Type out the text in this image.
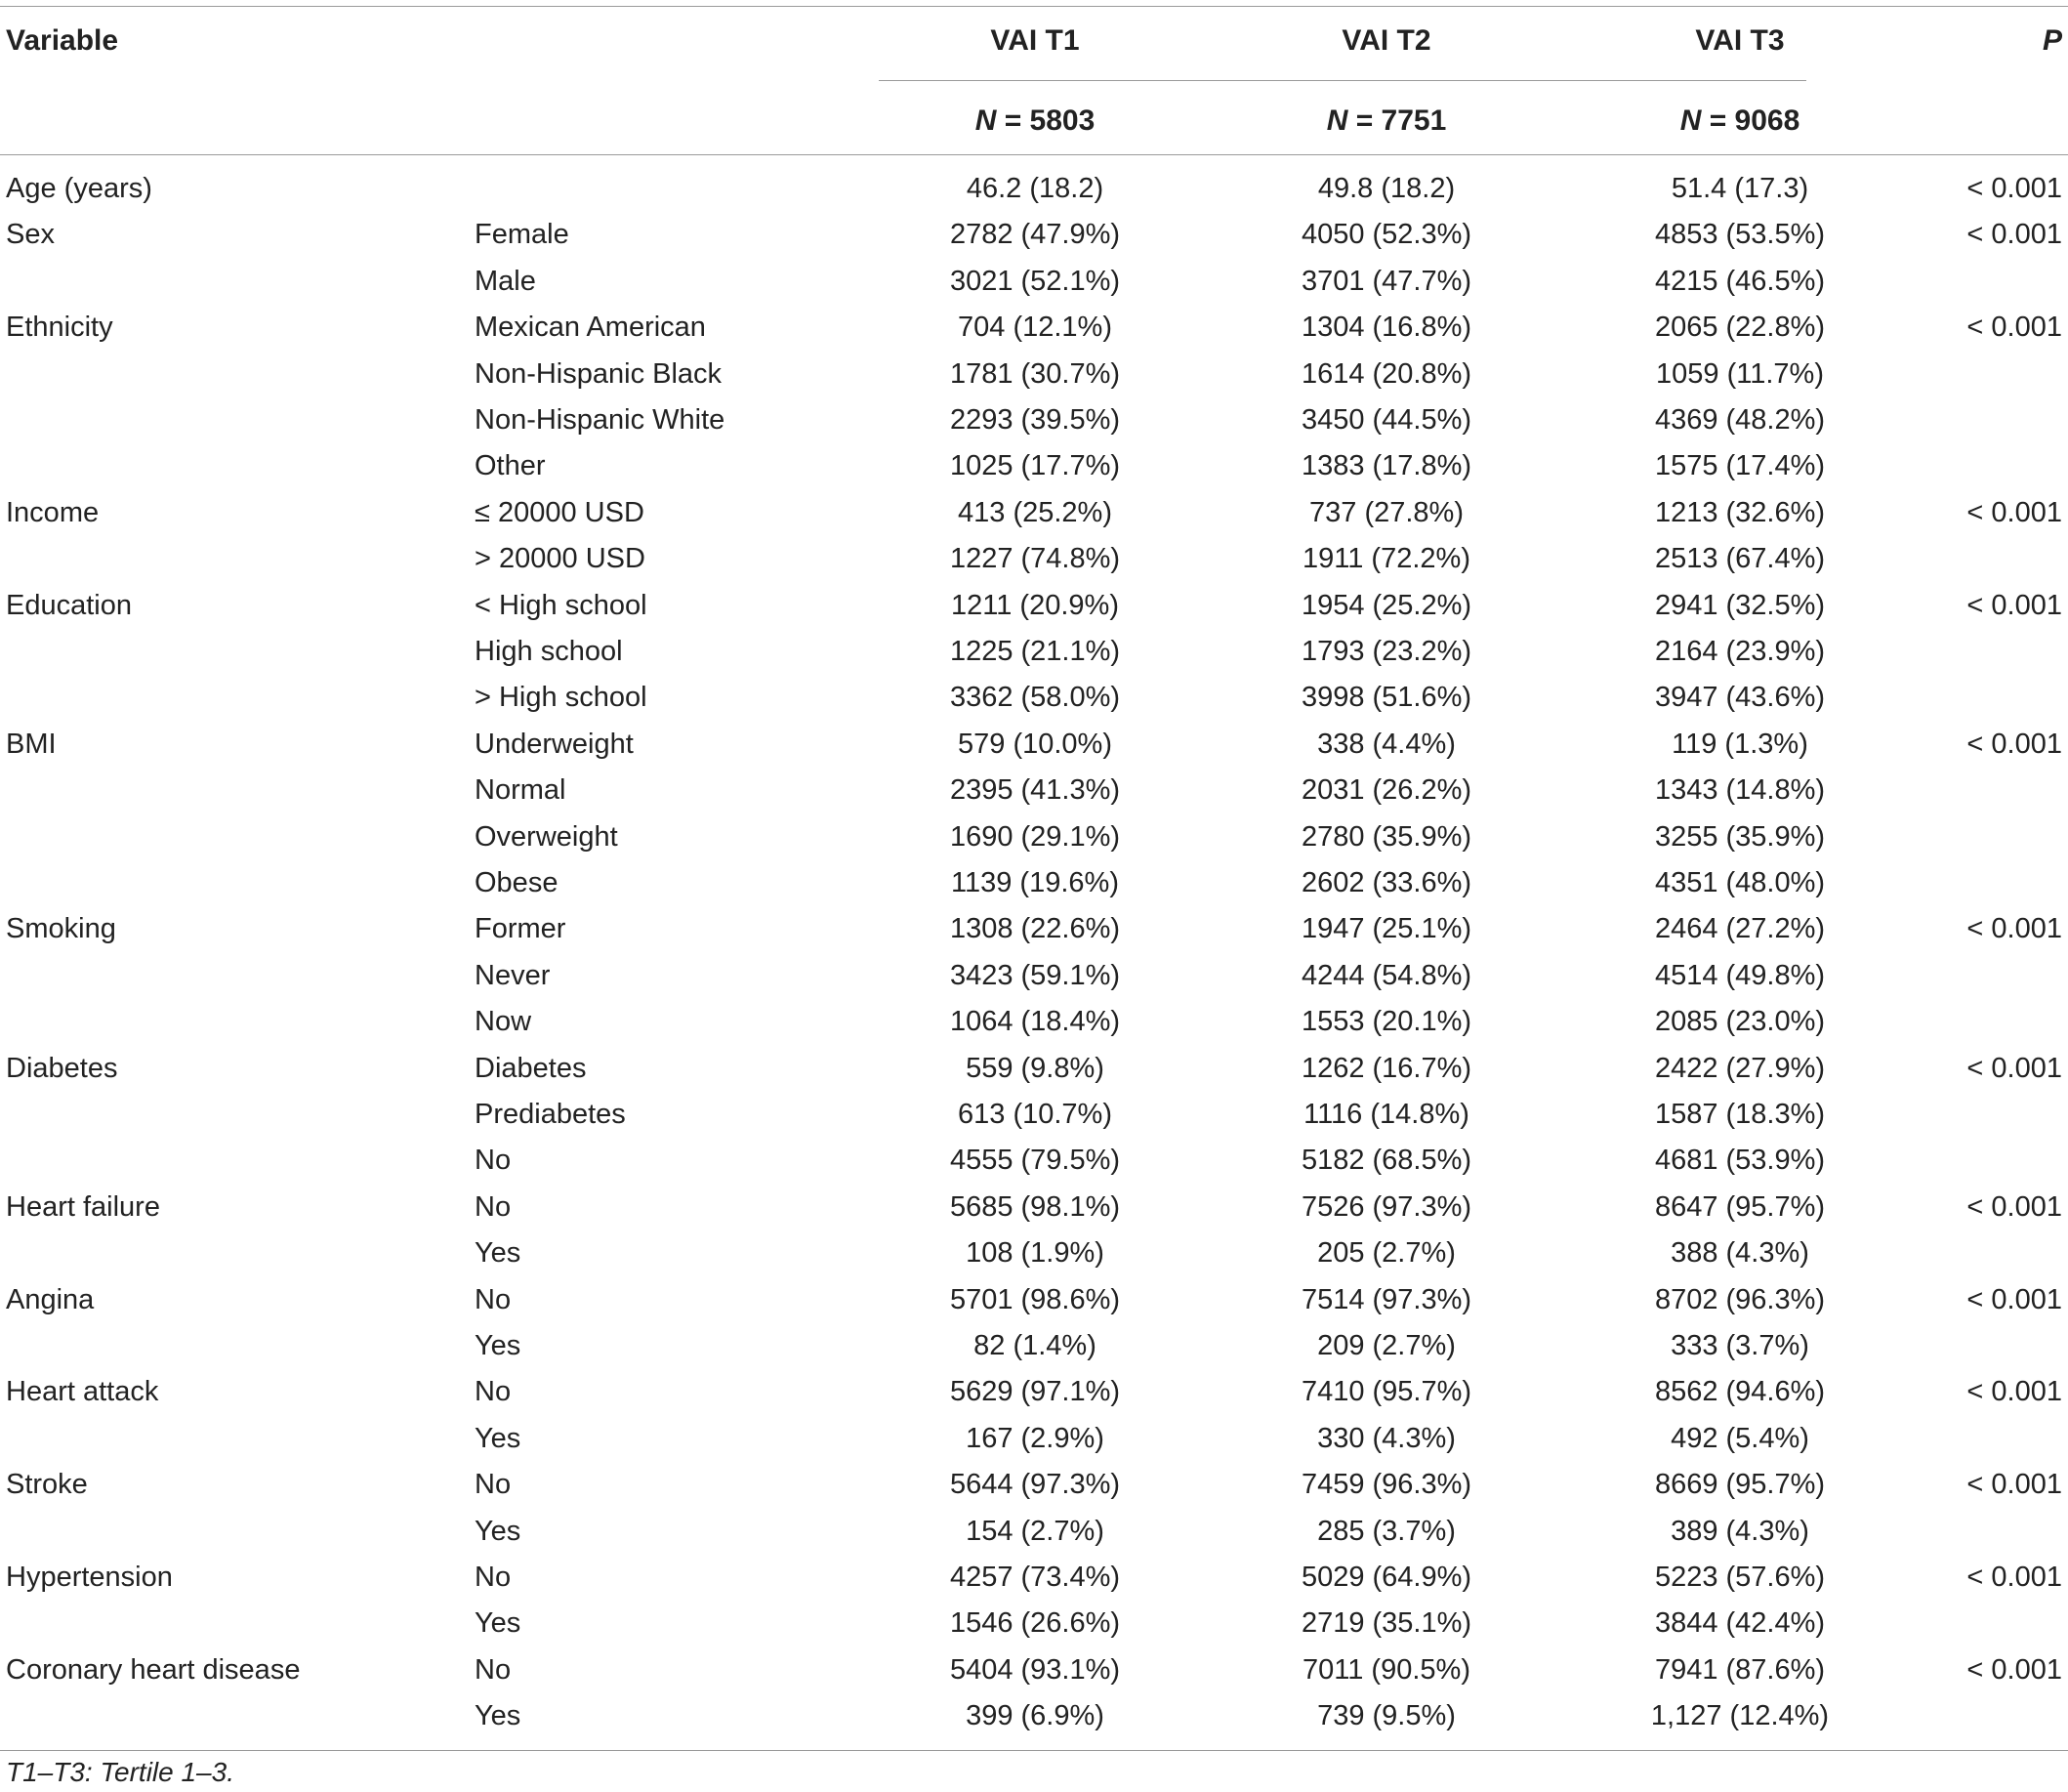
Variable	VAI T1	VAI T2	VAI T3	P
N = 5803	N = 7751	N = 9068
Age (years)	46.2 (18.2)	49.8 (18.2)	51.4 (17.3)	< 0.001
Sex	Female	2782 (47.9%)	4050 (52.3%)	4853 (53.5%)	< 0.001
Male	3021 (52.1%)	3701 (47.7%)	4215 (46.5%)
Ethnicity	Mexican American	704 (12.1%)	1304 (16.8%)	2065 (22.8%)	< 0.001
Non-Hispanic Black	1781 (30.7%)	1614 (20.8%)	1059 (11.7%)
Non-Hispanic White	2293 (39.5%)	3450 (44.5%)	4369 (48.2%)
Other	1025 (17.7%)	1383 (17.8%)	1575 (17.4%)
Income	≤ 20000 USD	413 (25.2%)	737 (27.8%)	1213 (32.6%)	< 0.001
> 20000 USD	1227 (74.8%)	1911 (72.2%)	2513 (67.4%)
Education	< High school	1211 (20.9%)	1954 (25.2%)	2941 (32.5%)	< 0.001
High school	1225 (21.1%)	1793 (23.2%)	2164 (23.9%)
> High school	3362 (58.0%)	3998 (51.6%)	3947 (43.6%)
BMI	Underweight	579 (10.0%)	338 (4.4%)	119 (1.3%)	< 0.001
Normal	2395 (41.3%)	2031 (26.2%)	1343 (14.8%)
Overweight	1690 (29.1%)	2780 (35.9%)	3255 (35.9%)
Obese	1139 (19.6%)	2602 (33.6%)	4351 (48.0%)
Smoking	Former	1308 (22.6%)	1947 (25.1%)	2464 (27.2%)	< 0.001
Never	3423 (59.1%)	4244 (54.8%)	4514 (49.8%)
Now	1064 (18.4%)	1553 (20.1%)	2085 (23.0%)
Diabetes	Diabetes	559 (9.8%)	1262 (16.7%)	2422 (27.9%)	< 0.001
Prediabetes	613 (10.7%)	1116 (14.8%)	1587 (18.3%)
No	4555 (79.5%)	5182 (68.5%)	4681 (53.9%)
Heart failure	No	5685 (98.1%)	7526 (97.3%)	8647 (95.7%)	< 0.001
Yes	108 (1.9%)	205 (2.7%)	388 (4.3%)
Angina	No	5701 (98.6%)	7514 (97.3%)	8702 (96.3%)	< 0.001
Yes	82 (1.4%)	209 (2.7%)	333 (3.7%)
Heart attack	No	5629 (97.1%)	7410 (95.7%)	8562 (94.6%)	< 0.001
Yes	167 (2.9%)	330 (4.3%)	492 (5.4%)
Stroke	No	5644 (97.3%)	7459 (96.3%)	8669 (95.7%)	< 0.001
Yes	154 (2.7%)	285 (3.7%)	389 (4.3%)
Hypertension	No	4257 (73.4%)	5029 (64.9%)	5223 (57.6%)	< 0.001
Yes	1546 (26.6%)	2719 (35.1%)	3844 (42.4%)
Coronary heart disease	No	5404 (93.1%)	7011 (90.5%)	7941 (87.6%)	< 0.001
Yes	399 (6.9%)	739 (9.5%)	1,127 (12.4%)
T1–T3: Tertile 1–3.
